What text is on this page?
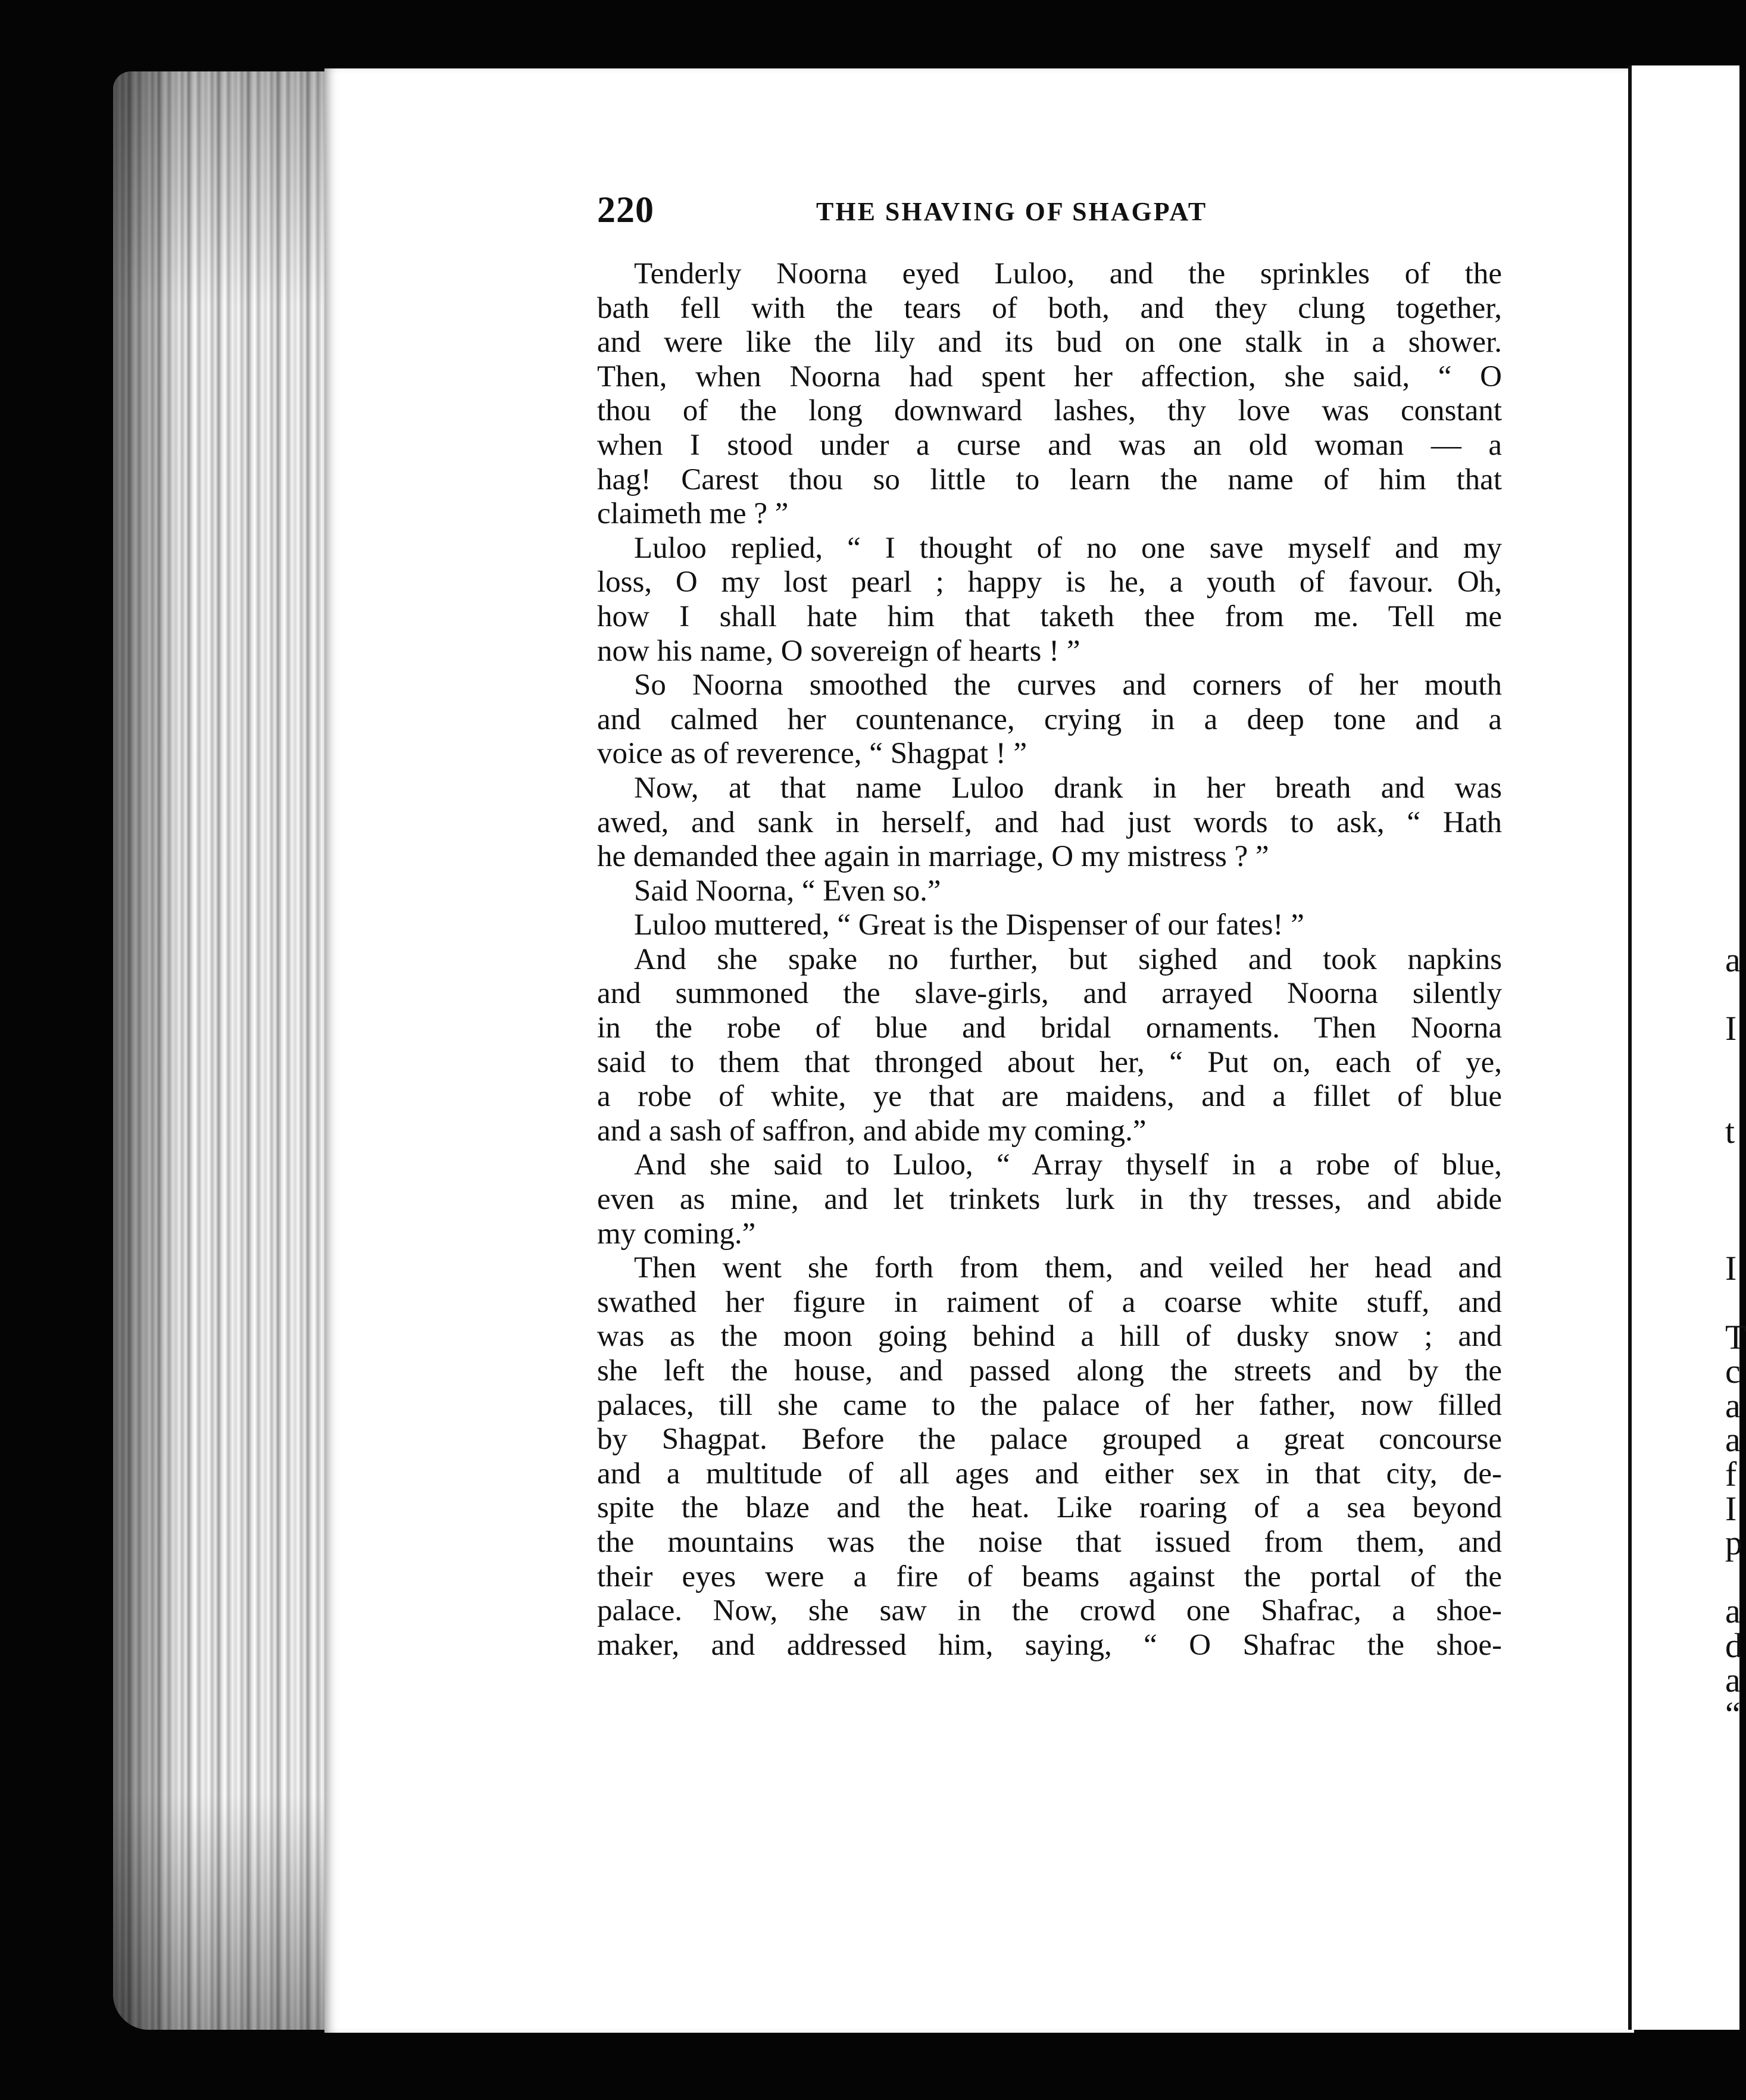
a
I
t
I
T
c
a
a
f
I
p
a
d
a
“
220	THE SHAVING OF SHAGPAT
Tenderly Noorna eyed Luloo, and the sprinkles of the
bath fell with the tears of both, and they clung together,
and were like the lily and its bud on one stalk in a shower.
Then, when Noorna had spent her affection, she said, “ O
thou of the long downward lashes, thy love was constant
when I stood under a curse and was an old woman — a
hag! Carest thou so little to learn the name of him that
claimeth me ? ”
Luloo replied, “ I thought of no one save myself and my
loss, O my lost pearl ; happy is he, a youth of favour. Oh,
how I shall hate him that taketh thee from me. Tell me
now his name, O sovereign of hearts ! ”
So Noorna smoothed the curves and corners of her mouth
and calmed her countenance, crying in a deep tone and a
voice as of reverence, “ Shagpat ! ”
Now, at that name Luloo drank in her breath and was
awed, and sank in herself, and had just words to ask, “ Hath
he demanded thee again in marriage, O my mistress ? ”
Said Noorna, “ Even so.”
Luloo muttered, “ Great is the Dispenser of our fates! ”
And she spake no further, but sighed and took napkins
and summoned the slave-girls, and arrayed Noorna silently
in the robe of blue and bridal ornaments. Then Noorna
said to them that thronged about her, “ Put on, each of ye,
a robe of white, ye that are maidens, and a fillet of blue
and a sash of saffron, and abide my coming.”
And she said to Luloo, “ Array thyself in a robe of blue,
even as mine, and let trinkets lurk in thy tresses, and abide
my coming.”
Then went she forth from them, and veiled her head and
swathed her figure in raiment of a coarse white stuff, and
was as the moon going behind a hill of dusky snow ; and
she left the house, and passed along the streets and by the
palaces, till she came to the palace of her father, now filled
by Shagpat. Before the palace grouped a great concourse
and a multitude of all ages and either sex in that city, de-
spite the blaze and the heat. Like roaring of a sea beyond
the mountains was the noise that issued from them, and
their eyes were a fire of beams against the portal of the
palace. Now, she saw in the crowd one Shafrac, a shoe-
maker, and addressed him, saying, “ O Shafrac the shoe-
